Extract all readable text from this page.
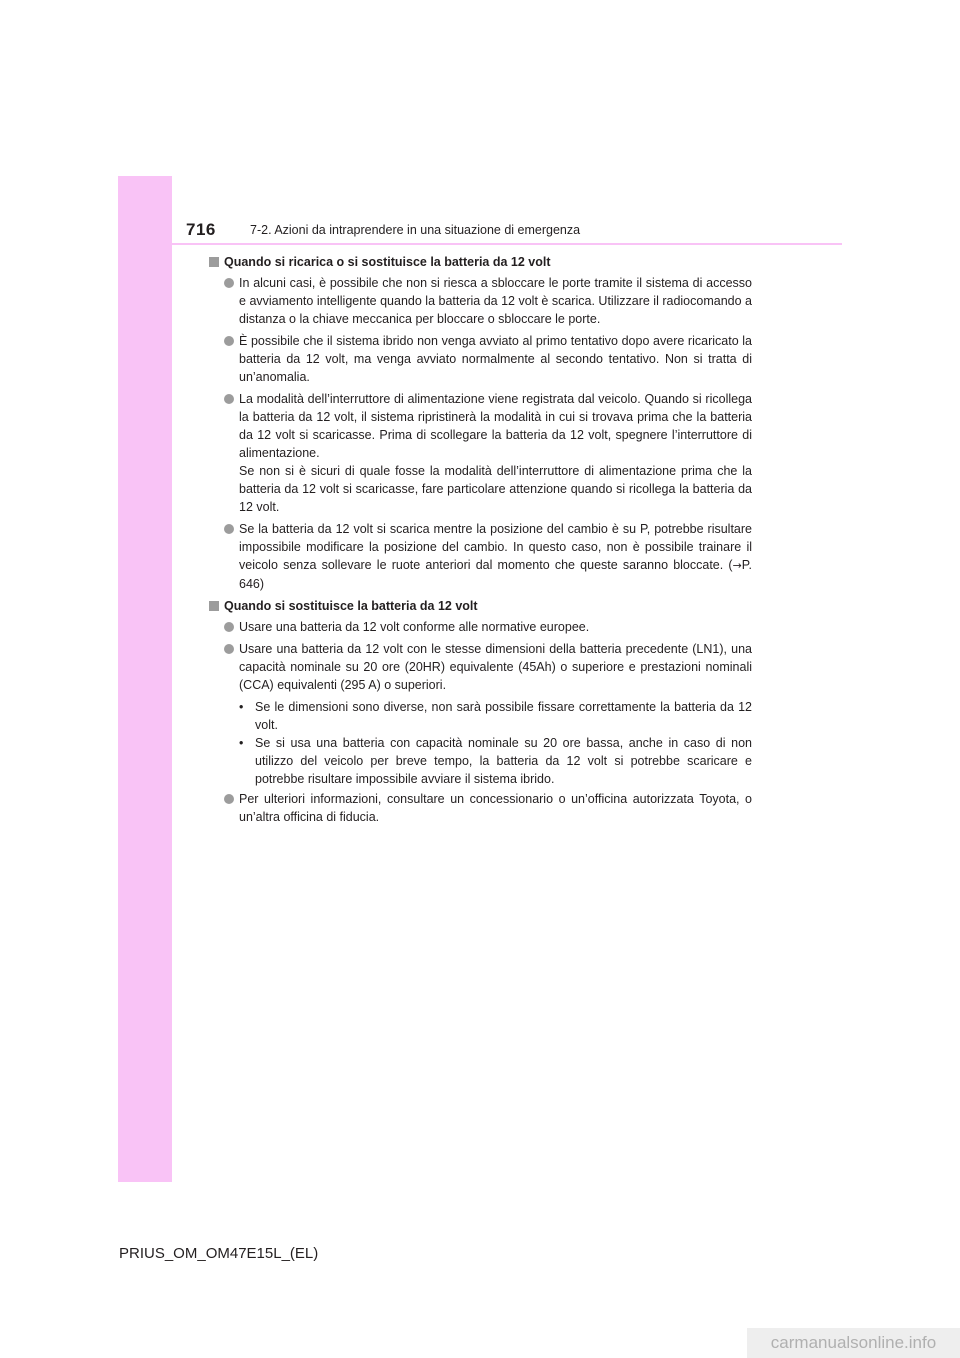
716	7-2. Azioni da intraprendere in una situazione di emergenza
Quando si ricarica o si sostituisce la batteria da 12 volt
In alcuni casi, è possibile che non si riesca a sbloccare le porte tramite il sistema di accesso e avviamento intelligente quando la batteria da 12 volt è scarica. Utilizzare il radiocomando a distanza o la chiave meccanica per bloccare o sbloccare le porte.
È possibile che il sistema ibrido non venga avviato al primo tentativo dopo avere ricaricato la batteria da 12 volt, ma venga avviato normalmente al secondo tentativo. Non si tratta di un’anomalia.
La modalità dell’interruttore di alimentazione viene registrata dal veicolo. Quando si ricollega la batteria da 12 volt, il sistema ripristinerà la modalità in cui si trovava prima che la batteria da 12 volt si scaricasse. Prima di scollegare la batteria da 12 volt, spegnere l’interruttore di alimentazione.
Se non si è sicuri di quale fosse la modalità dell’interruttore di alimentazione prima che la batteria da 12 volt si scaricasse, fare particolare attenzione quando si ricollega la batteria da 12 volt.
Se la batteria da 12 volt si scarica mentre la posizione del cambio è su P, potrebbe risultare impossibile modificare la posizione del cambio. In questo caso, non è possibile trainare il veicolo senza sollevare le ruote anteriori dal momento che queste saranno bloccate. (→P. 646)
Quando si sostituisce la batteria da 12 volt
Usare una batteria da 12 volt conforme alle normative europee.
Usare una batteria da 12 volt con le stesse dimensioni della batteria precedente (LN1), una capacità nominale su 20 ore (20HR) equivalente (45Ah) o superiore e prestazioni nominali (CCA) equivalenti (295 A) o superiori.
• Se le dimensioni sono diverse, non sarà possibile fissare correttamente la batteria da 12 volt.
• Se si usa una batteria con capacità nominale su 20 ore bassa, anche in caso di non utilizzo del veicolo per breve tempo, la batteria da 12 volt si potrebbe scaricare e potrebbe risultare impossibile avviare il sistema ibrido.
Per ulteriori informazioni, consultare un concessionario o un’officina autorizzata Toyota, o un’altra officina di fiducia.
PRIUS_OM_OM47E15L_(EL)
carmanualsonline.info
